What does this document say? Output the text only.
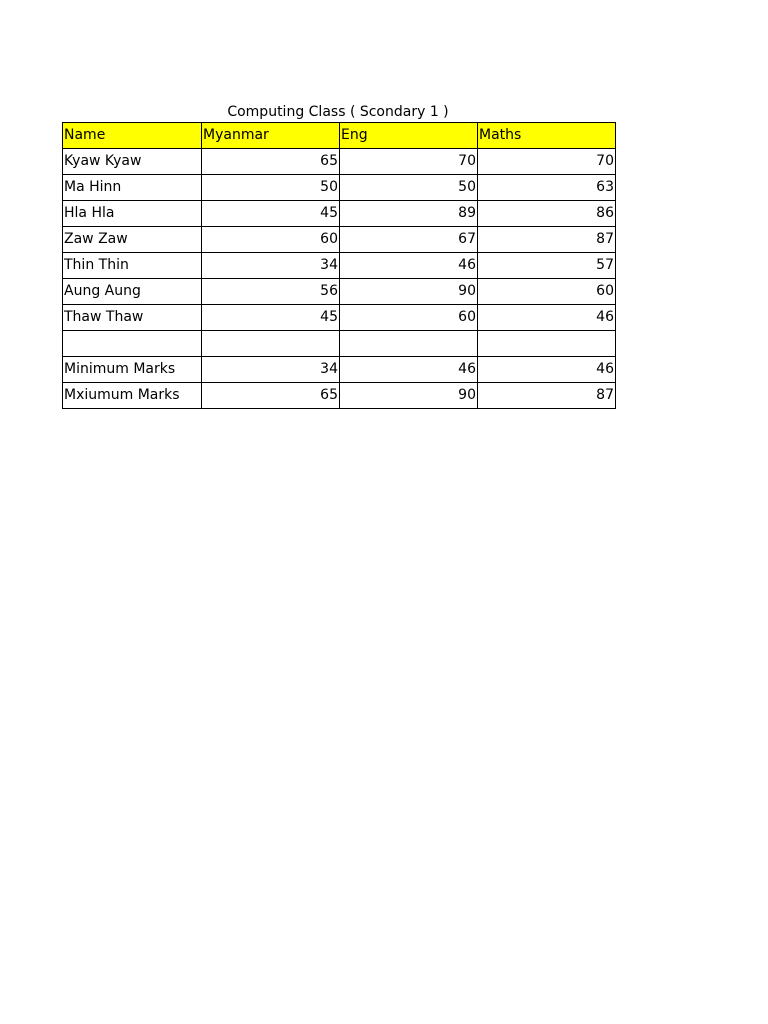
Computing Class ( Scondary 1 )
Name	Myanmar	Eng	Maths
Kyaw Kyaw	65	70	70
Ma Hinn	50	50	63
Hla Hla	45	89	86
Zaw Zaw	60	67	87
Thin Thin	34	46	57
Aung Aung	56	90	60
Thaw Thaw	45	60	46

Minimum Marks	34	46	46
Mxiumum Marks	65	90	87
